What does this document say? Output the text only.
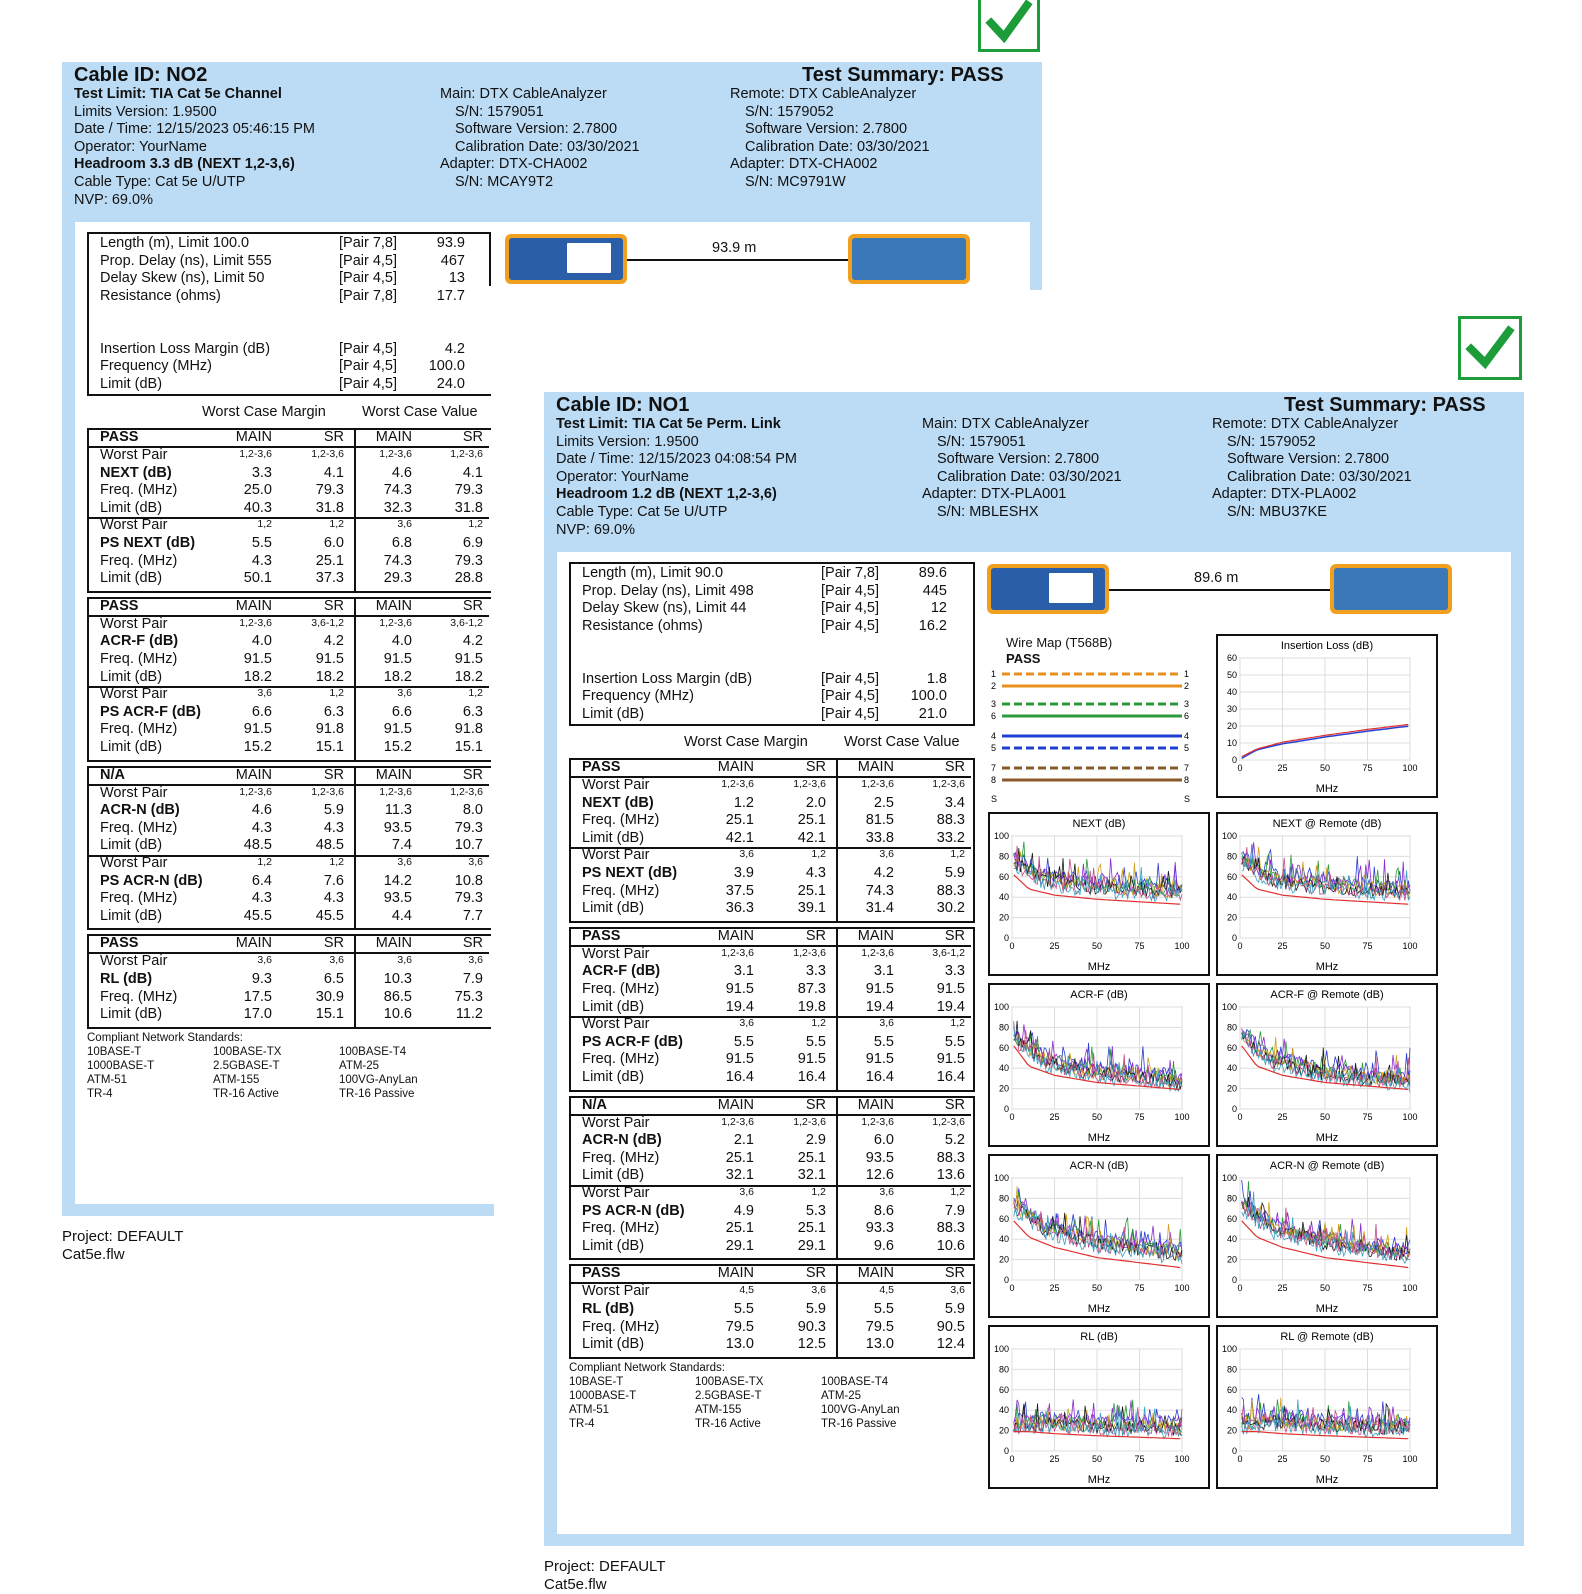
Cable ID: NO2	Test Summary: PASS
Test Limit: TIA Cat 5e Channel
Limits Version: 1.9500
Date / Time: 12/15/2023 05:46:15 PM
Operator: YourName
Headroom 3.3 dB (NEXT 1,2-3,6)
Cable Type: Cat 5e U/UTP
NVP: 69.0%
Main: DTX CableAnalyzer
S/N: 1579051
Software Version: 2.7800
Calibration Date: 03/30/2021
Adapter: DTX-CHA002
S/N: MCAY9T2
Remote: DTX CableAnalyzer
S/N: 1579052
Software Version: 2.7800
Calibration Date: 03/30/2021
Adapter: DTX-CHA002
S/N: MC9791W
Length (m), Limit 100.0	[Pair 7,8]	93.9
Prop. Delay (ns), Limit 555	[Pair 4,5]	467
Delay Skew (ns), Limit 50	[Pair 4,5]	13
Resistance (ohms)	[Pair 7,8]	17.7
Insertion Loss Margin (dB)	[Pair 4,5]	4.2
Frequency (MHz)	[Pair 4,5]	100.0
Limit (dB)	[Pair 4,5]	24.0
93.9 m
Worst Case Margin Worst Case Value
PASS	MAIN	SR	MAIN	SR
Worst Pair	1,2-3,6	1,2-3,6	1,2-3,6	1,2-3,6
NEXT (dB)	3.3	4.1	4.6	4.1
Freq. (MHz)	25.0	79.3	74.3	79.3
Limit (dB)	40.3	31.8	32.3	31.8
Worst Pair	1,2	1,2	3,6	1,2
PS NEXT (dB)	5.5	6.0	6.8	6.9
Freq. (MHz)	4.3	25.1	74.3	79.3
Limit (dB)	50.1	37.3	29.3	28.8
PASS	MAIN	SR	MAIN	SR
Worst Pair	1,2-3,6	3,6-1,2	1,2-3,6	3,6-1,2
ACR-F (dB)	4.0	4.2	4.0	4.2
Freq. (MHz)	91.5	91.5	91.5	91.5
Limit (dB)	18.2	18.2	18.2	18.2
Worst Pair	3,6	1,2	3,6	1,2
PS ACR-F (dB)	6.6	6.3	6.6	6.3
Freq. (MHz)	91.5	91.8	91.5	91.8
Limit (dB)	15.2	15.1	15.2	15.1
N/A	MAIN	SR	MAIN	SR
Worst Pair	1,2-3,6	1,2-3,6	1,2-3,6	1,2-3,6
ACR-N (dB)	4.6	5.9	11.3	8.0
Freq. (MHz)	4.3	4.3	93.5	79.3
Limit (dB)	48.5	48.5	7.4	10.7
Worst Pair	1,2	1,2	3,6	3,6
PS ACR-N (dB)	6.4	7.6	14.2	10.8
Freq. (MHz)	4.3	4.3	93.5	79.3
Limit (dB)	45.5	45.5	4.4	7.7
PASS	MAIN	SR	MAIN	SR
Worst Pair	3,6	3,6	3,6	3,6
RL (dB)	9.3	6.5	10.3	7.9
Freq. (MHz)	17.5	30.9	86.5	75.3
Limit (dB)	17.0	15.1	10.6	11.2
Compliant Network Standards:
10BASE-T	100BASE-TX	100BASE-T4
1000BASE-T	2.5GBASE-T	ATM-25
ATM-51	ATM-155	100VG-AnyLan
TR-4	TR-16 Active	TR-16 Passive
Project: DEFAULT
Cat5e.flw
Cable ID: NO1	Test Summary: PASS
Test Limit: TIA Cat 5e Perm. Link
Limits Version: 1.9500
Date / Time: 12/15/2023 04:08:54 PM
Operator: YourName
Headroom 1.2 dB (NEXT 1,2-3,6)
Cable Type: Cat 5e U/UTP
NVP: 69.0%
Main: DTX CableAnalyzer
S/N: 1579051
Software Version: 2.7800
Calibration Date: 03/30/2021
Adapter: DTX-PLA001
S/N: MBLESHX
Remote: DTX CableAnalyzer
S/N: 1579052
Software Version: 2.7800
Calibration Date: 03/30/2021
Adapter: DTX-PLA002
S/N: MBU37KE
Length (m), Limit 90.0	[Pair 7,8]	89.6
Prop. Delay (ns), Limit 498	[Pair 4,5]	445
Delay Skew (ns), Limit 44	[Pair 4,5]	12
Resistance (ohms)	[Pair 4,5]	16.2
Insertion Loss Margin (dB)	[Pair 4,5]	1.8
Frequency (MHz)	[Pair 4,5]	100.0
Limit (dB)	[Pair 4,5]	21.0
89.6 m
Worst Case Margin Worst Case Value
PASS	MAIN	SR	MAIN	SR
Worst Pair	1,2-3,6	1,2-3,6	1,2-3,6	1,2-3,6
NEXT (dB)	1.2	2.0	2.5	3.4
Freq. (MHz)	25.1	25.1	81.5	88.3
Limit (dB)	42.1	42.1	33.8	33.2
Worst Pair	3,6	1,2	3,6	1,2
PS NEXT (dB)	3.9	4.3	4.2	5.9
Freq. (MHz)	37.5	25.1	74.3	88.3
Limit (dB)	36.3	39.1	31.4	30.2
PASS	MAIN	SR	MAIN	SR
Worst Pair	1,2-3,6	1,2-3,6	1,2-3,6	3,6-1,2
ACR-F (dB)	3.1	3.3	3.1	3.3
Freq. (MHz)	91.5	87.3	91.5	91.5
Limit (dB)	19.4	19.8	19.4	19.4
Worst Pair	3,6	1,2	3,6	1,2
PS ACR-F (dB)	5.5	5.5	5.5	5.5
Freq. (MHz)	91.5	91.5	91.5	91.5
Limit (dB)	16.4	16.4	16.4	16.4
N/A	MAIN	SR	MAIN	SR
Worst Pair	1,2-3,6	1,2-3,6	1,2-3,6	1,2-3,6
ACR-N (dB)	2.1	2.9	6.0	5.2
Freq. (MHz)	25.1	25.1	93.5	88.3
Limit (dB)	32.1	32.1	12.6	13.6
Worst Pair	3,6	1,2	3,6	1,2
PS ACR-N (dB)	4.9	5.3	8.6	7.9
Freq. (MHz)	25.1	25.1	93.3	88.3
Limit (dB)	29.1	29.1	9.6	10.6
PASS	MAIN	SR	MAIN	SR
Worst Pair	4,5	3,6	4,5	3,6
RL (dB)	5.5	5.9	5.5	5.9
Freq. (MHz)	79.5	90.3	79.5	90.5
Limit (dB)	13.0	12.5	13.0	12.4
Compliant Network Standards:
10BASE-T	100BASE-TX	100BASE-T4
1000BASE-T	2.5GBASE-T	ATM-25
ATM-51	ATM-155	100VG-AnyLan
TR-4	TR-16 Active	TR-16 Passive
Project: DEFAULT
Cat5e.flw
Wire Map (T568B)
PASS
1	1
2	2
3	3
6	6
4	4
5	5
7	7
8	8
S	S
Insertion Loss (dB)
0
10
20
30
40
50
60
0	25	50	75	100
MHz
NEXT (dB)
0
20
40
60
80
100
0	25	50	75	100
MHz
NEXT @ Remote (dB)
0
20
40
60
80
100
0	25	50	75	100
MHz
ACR-F (dB)
0
20
40
60
80
100
0	25	50	75	100
MHz
ACR-F @ Remote (dB)
0
20
40
60
80
100
0	25	50	75	100
MHz
ACR-N (dB)
0
20
40
60
80
100
0	25	50	75	100
MHz
ACR-N @ Remote (dB)
0
20
40
60
80
100
0	25	50	75	100
MHz
RL (dB)
0
20
40
60
80
100
0	25	50	75	100
MHz
RL @ Remote (dB)
0
20
40
60
80
100
0	25	50	75	100
MHz
